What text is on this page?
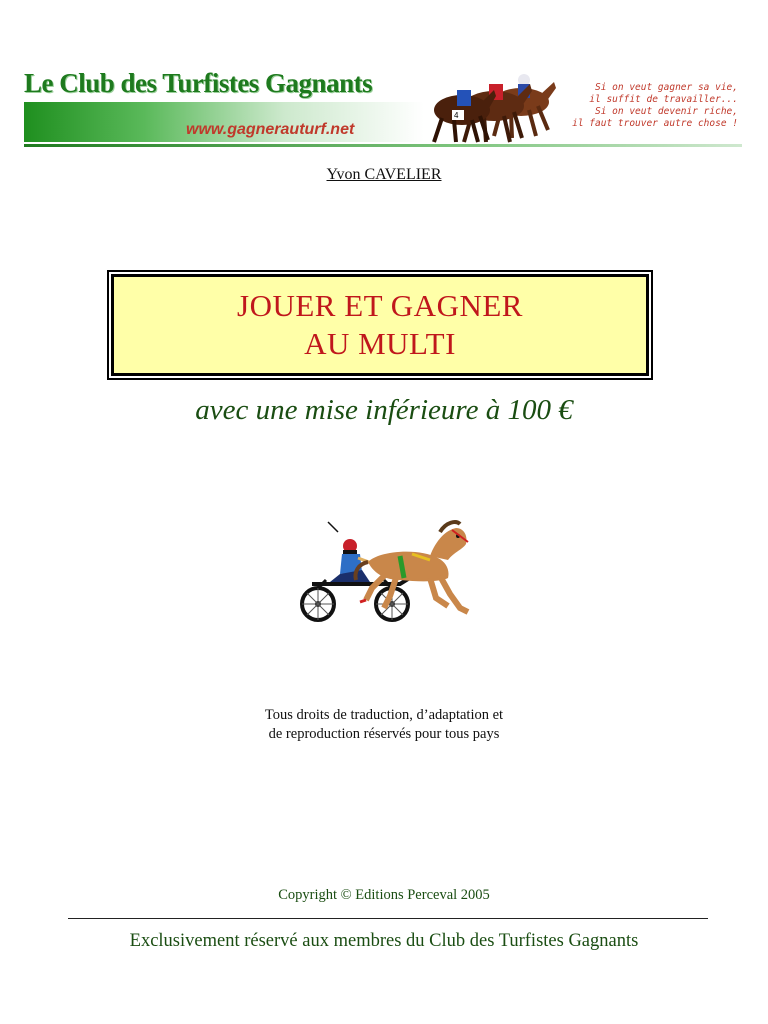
Le Club des Turfistes Gagnants

www.gagnerauturf.net

4
Si on veut gagner sa vie,
il suffit de travailler...
Si on veut devenir riche,
il faut trouver autre chose !
Yvon CAVELIER
JOUER ET GAGNER
AU MULTI
avec une mise inférieure à 100 €
Tous droits de traduction, d’adaptation et
de reproduction réservés pour tous pays
Copyright © Editions Perceval 2005
Exclusivement réservé aux membres du Club des Turfistes Gagnants
